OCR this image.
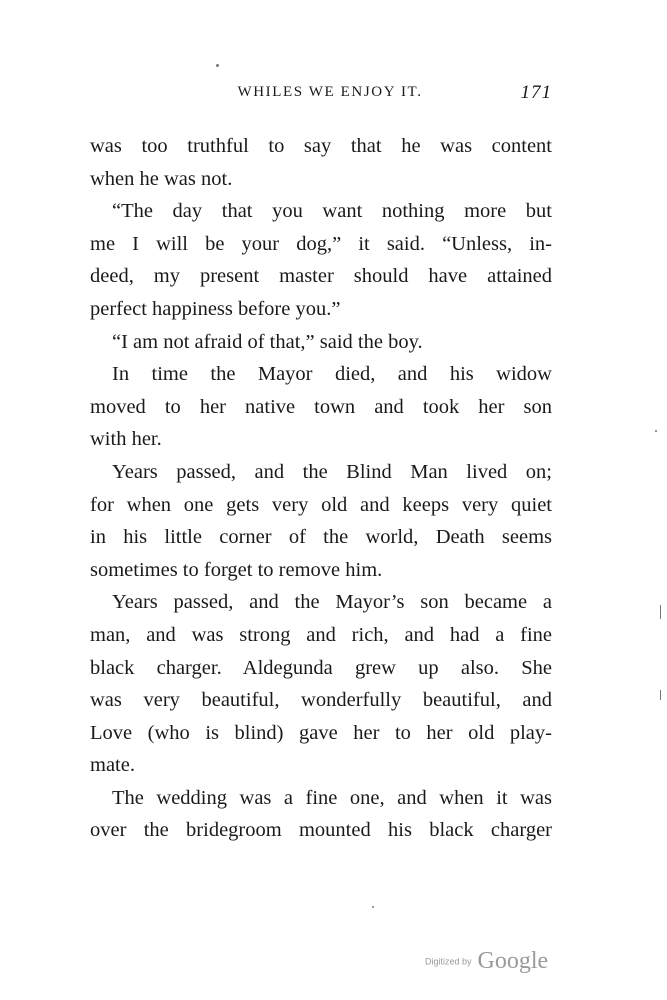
WHILES WE ENJOY IT.	171
was too truthful to say that he was content
when he was not.
“The day that you want nothing more but
me I will be your dog,” it said. “Unless, in-
deed, my present master should have attained
perfect happiness before you.”
“I am not afraid of that,” said the boy.
In time the Mayor died, and his widow
moved to her native town and took her son
with her.
Years passed, and the Blind Man lived on;
for when one gets very old and keeps very quiet
in his little corner of the world, Death seems
sometimes to forget to remove him.
Years passed, and the Mayor’s son became a
man, and was strong and rich, and had a fine
black charger. Aldegunda grew up also. She
was very beautiful, wonderfully beautiful, and
Love (who is blind) gave her to her old play-
mate.
The wedding was a fine one, and when it was
over the bridegroom mounted his black charger
Digitized by Google
